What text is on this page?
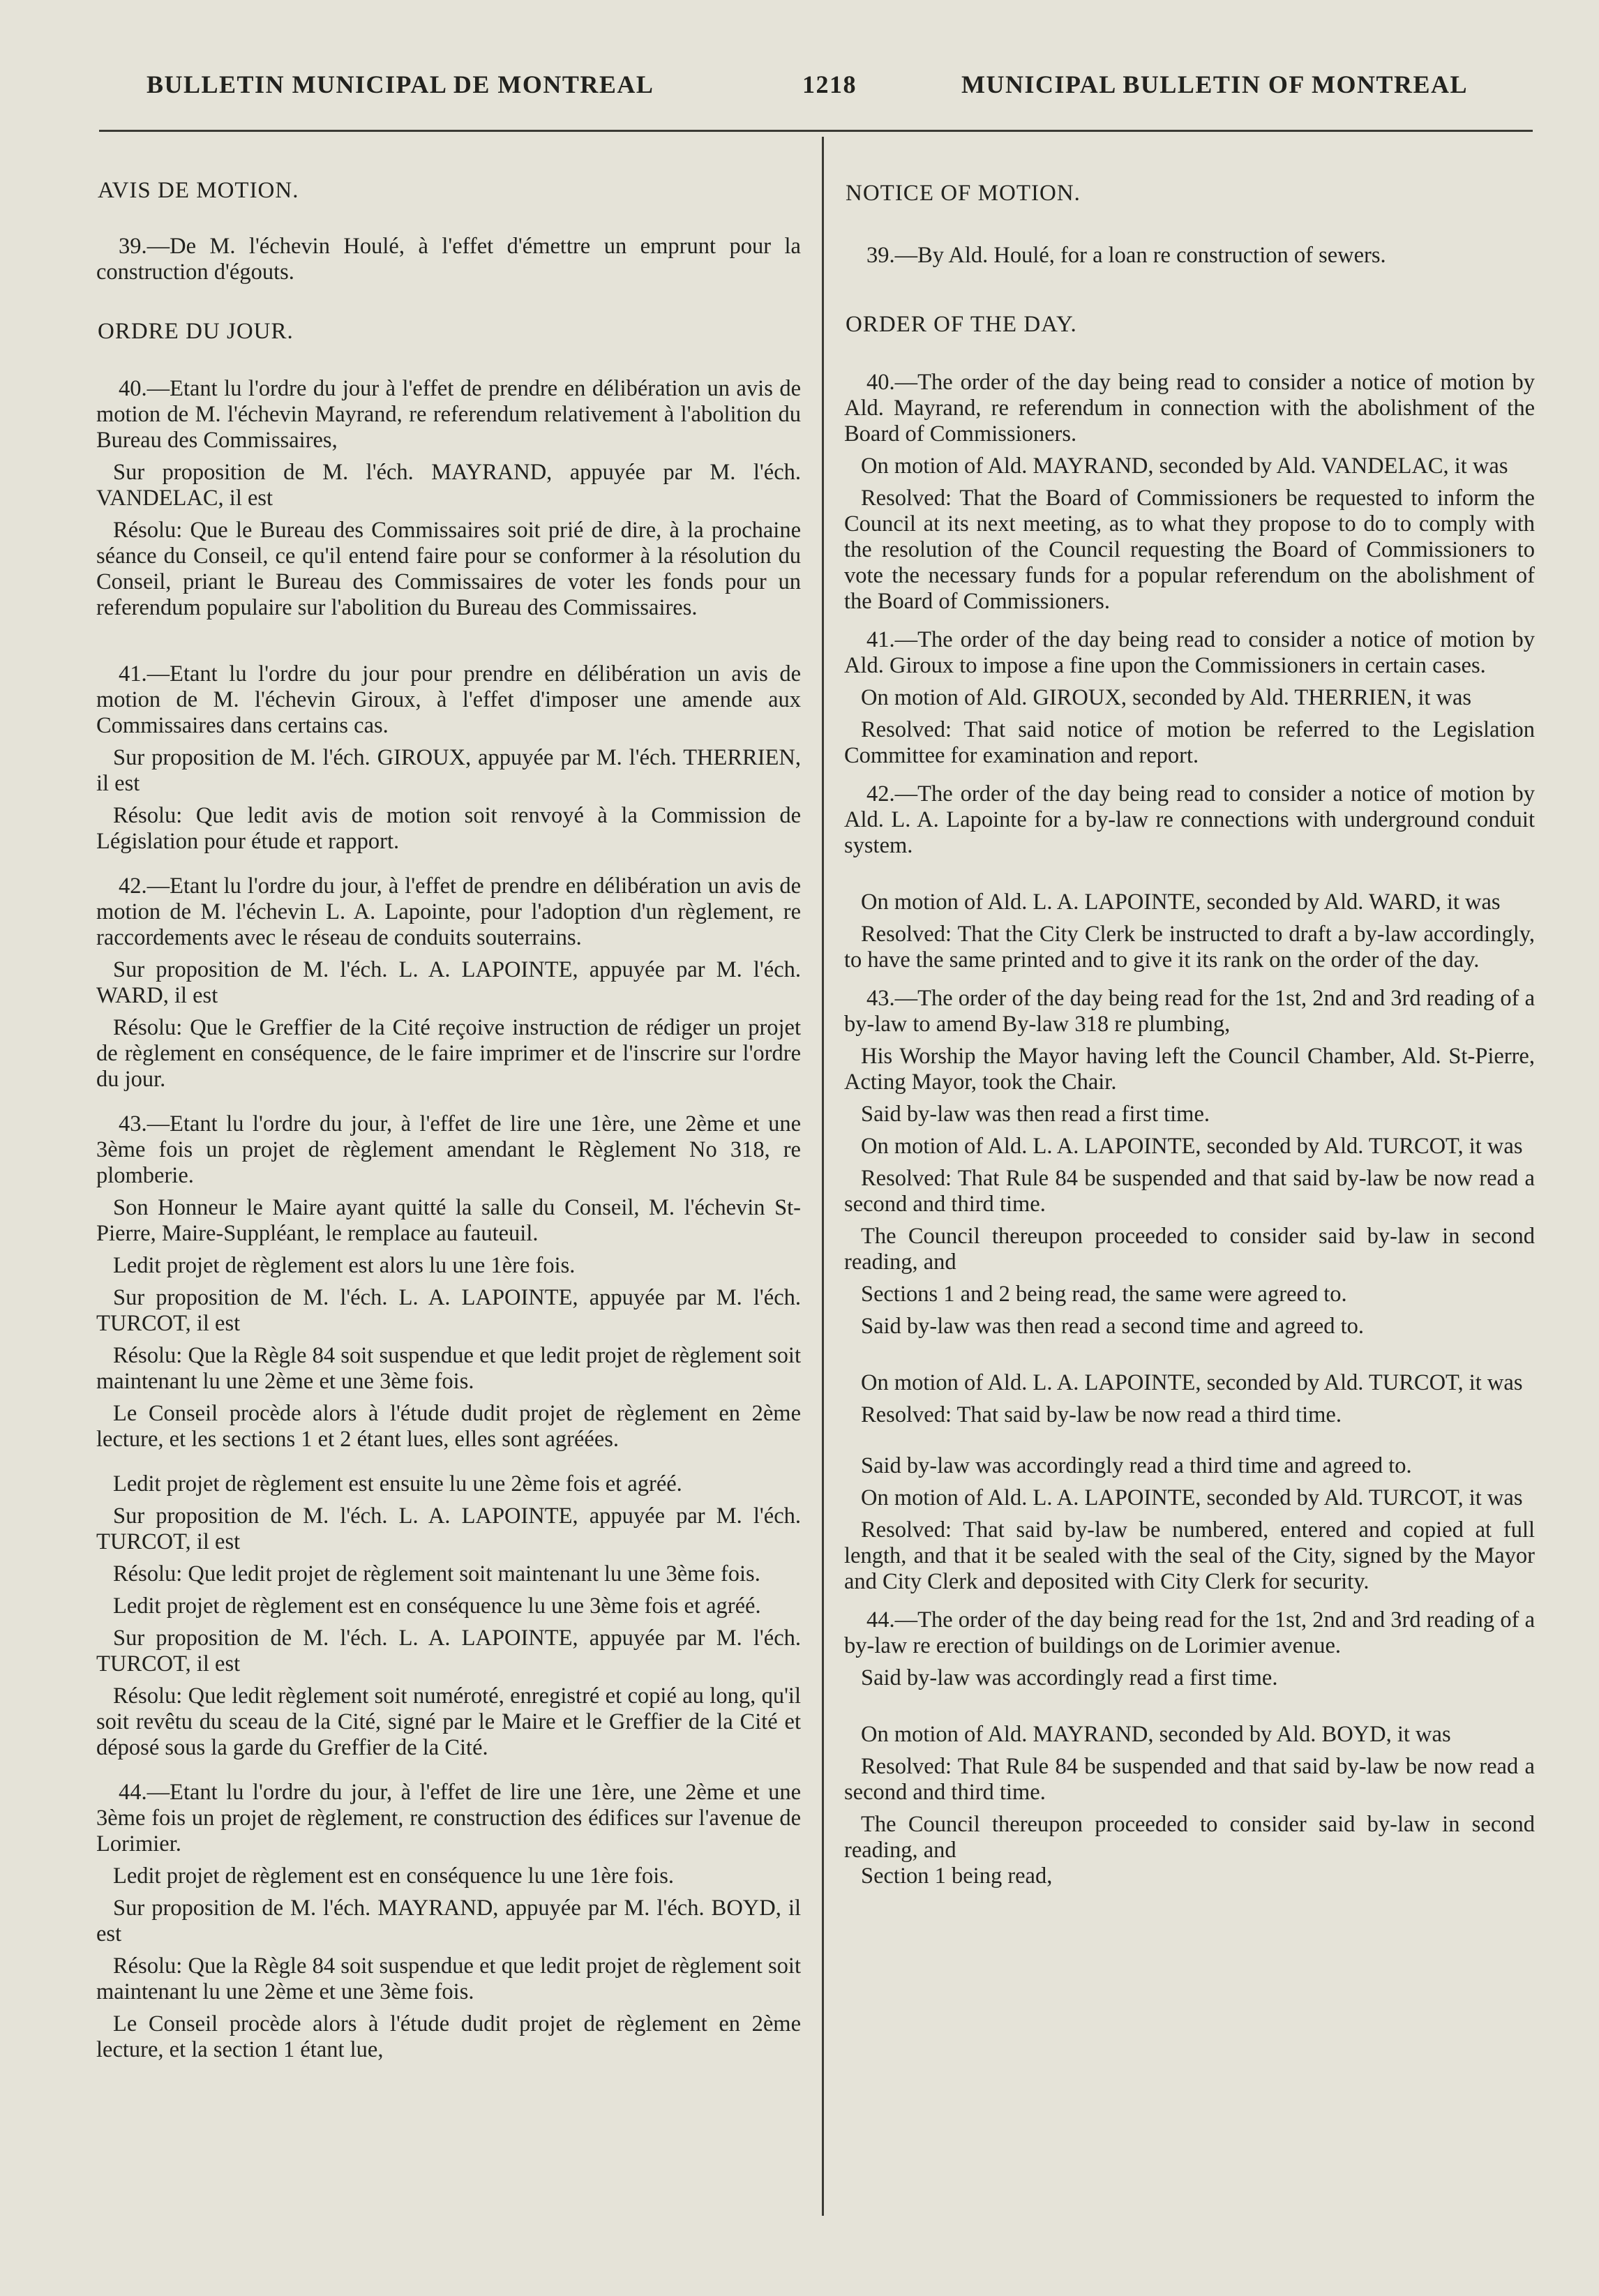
BULLETIN MUNICIPAL DE MONTREAL	1218	MUNICIPAL BULLETIN OF MONTREAL
AVIS DE MOTION.

39.—De M. l'échevin Houlé, à l'effet d'émettre un emprunt pour la construction d'égouts.

ORDRE DU JOUR.

40.—Etant lu l'ordre du jour à l'effet de prendre en délibération un avis de motion de M. l'échevin Mayrand, re referendum relativement à l'abolition du Bureau des Commissaires,

Sur proposition de M. l'éch. MAYRAND, appuyée par M. l'éch. VANDELAC, il est

Résolu: Que le Bureau des Commissaires soit prié de dire, à la prochaine séance du Conseil, ce qu'il entend faire pour se conformer à la résolution du Conseil, priant le Bureau des Commissaires de voter les fonds pour un referendum populaire sur l'abolition du Bureau des Commissaires.

41.—Etant lu l'ordre du jour pour prendre en délibération un avis de motion de M. l'échevin Giroux, à l'effet d'imposer une amende aux Commissaires dans certains cas.

Sur proposition de M. l'éch. GIROUX, appuyée par M. l'éch. THERRIEN, il est

Résolu: Que ledit avis de motion soit renvoyé à la Commission de Législation pour étude et rapport.

42.—Etant lu l'ordre du jour, à l'effet de prendre en délibération un avis de motion de M. l'échevin L. A. Lapointe, pour l'adoption d'un règlement, re raccordements avec le réseau de conduits souterrains.

Sur proposition de M. l'éch. L. A. LAPOINTE, appuyée par M. l'éch. WARD, il est

Résolu: Que le Greffier de la Cité reçoive instruction de rédiger un projet de règlement en conséquence, de le faire imprimer et de l'inscrire sur l'ordre du jour.

43.—Etant lu l'ordre du jour, à l'effet de lire une 1ère, une 2ème et une 3ème fois un projet de règlement amendant le Règlement No 318, re plomberie.

Son Honneur le Maire ayant quitté la salle du Conseil, M. l'échevin St-Pierre, Maire-Suppléant, le remplace au fauteuil.

Ledit projet de règlement est alors lu une 1ère fois.

Sur proposition de M. l'éch. L. A. LAPOINTE, appuyée par M. l'éch. TURCOT, il est

Résolu: Que la Règle 84 soit suspendue et que ledit projet de règlement soit maintenant lu une 2ème et une 3ème fois.

Le Conseil procède alors à l'étude dudit projet de règlement en 2ème lecture, et les sections 1 et 2 étant lues, elles sont agréées.

Ledit projet de règlement est ensuite lu une 2ème fois et agréé.

Sur proposition de M. l'éch. L. A. LAPOINTE, appuyée par M. l'éch. TURCOT, il est

Résolu: Que ledit projet de règlement soit maintenant lu une 3ème fois.

Ledit projet de règlement est en conséquence lu une 3ème fois et agréé.

Sur proposition de M. l'éch. L. A. LAPOINTE, appuyée par M. l'éch. TURCOT, il est

Résolu: Que ledit règlement soit numéroté, enregistré et copié au long, qu'il soit revêtu du sceau de la Cité, signé par le Maire et le Greffier de la Cité et déposé sous la garde du Greffier de la Cité.

44.—Etant lu l'ordre du jour, à l'effet de lire une 1ère, une 2ème et une 3ème fois un projet de règlement, re construction des édifices sur l'avenue de Lorimier.

Ledit projet de règlement est en conséquence lu une 1ère fois.

Sur proposition de M. l'éch. MAYRAND, appuyée par M. l'éch. BOYD, il est

Résolu: Que la Règle 84 soit suspendue et que ledit projet de règlement soit maintenant lu une 2ème et une 3ème fois.

Le Conseil procède alors à l'étude dudit projet de règlement en 2ème lecture, et la section 1 étant lue,

NOTICE OF MOTION.

39.—By Ald. Houlé, for a loan re construction of sewers.

ORDER OF THE DAY.

40.—The order of the day being read to consider a notice of motion by Ald. Mayrand, re referendum in connection with the abolishment of the Board of Commissioners.

On motion of Ald. MAYRAND, seconded by Ald. VANDELAC, it was

Resolved: That the Board of Commissioners be requested to inform the Council at its next meeting, as to what they propose to do to comply with the resolution of the Council requesting the Board of Commissioners to vote the necessary funds for a popular referendum on the abolishment of the Board of Commissioners.

41.—The order of the day being read to consider a notice of motion by Ald. Giroux to impose a fine upon the Commissioners in certain cases.

On motion of Ald. GIROUX, seconded by Ald. THERRIEN, it was

Resolved: That said notice of motion be referred to the Legislation Committee for examination and report.

42.—The order of the day being read to consider a notice of motion by Ald. L. A. Lapointe for a by-law re connections with underground conduit system.

On motion of Ald. L. A. LAPOINTE, seconded by Ald. WARD, it was

Resolved: That the City Clerk be instructed to draft a by-law accordingly, to have the same printed and to give it its rank on the order of the day.

43.—The order of the day being read for the 1st, 2nd and 3rd reading of a by-law to amend By-law 318 re plumbing,

His Worship the Mayor having left the Council Chamber, Ald. St-Pierre, Acting Mayor, took the Chair.

Said by-law was then read a first time.

On motion of Ald. L. A. LAPOINTE, seconded by Ald. TURCOT, it was

Resolved: That Rule 84 be suspended and that said by-law be now read a second and third time.

The Council thereupon proceeded to consider said by-law in second reading, and

Sections 1 and 2 being read, the same were agreed to.

Said by-law was then read a second time and agreed to.

On motion of Ald. L. A. LAPOINTE, seconded by Ald. TURCOT, it was

Resolved: That said by-law be now read a third time.

Said by-law was accordingly read a third time and agreed to.

On motion of Ald. L. A. LAPOINTE, seconded by Ald. TURCOT, it was

Resolved: That said by-law be numbered, entered and copied at full length, and that it be sealed with the seal of the City, signed by the Mayor and City Clerk and deposited with City Clerk for security.

44.—The order of the day being read for the 1st, 2nd and 3rd reading of a by-law re erection of buildings on de Lorimier avenue.

Said by-law was accordingly read a first time.

On motion of Ald. MAYRAND, seconded by Ald. BOYD, it was

Resolved: That Rule 84 be suspended and that said by-law be now read a second and third time.

The Council thereupon proceeded to consider said by-law in second reading, and

Section 1 being read,
